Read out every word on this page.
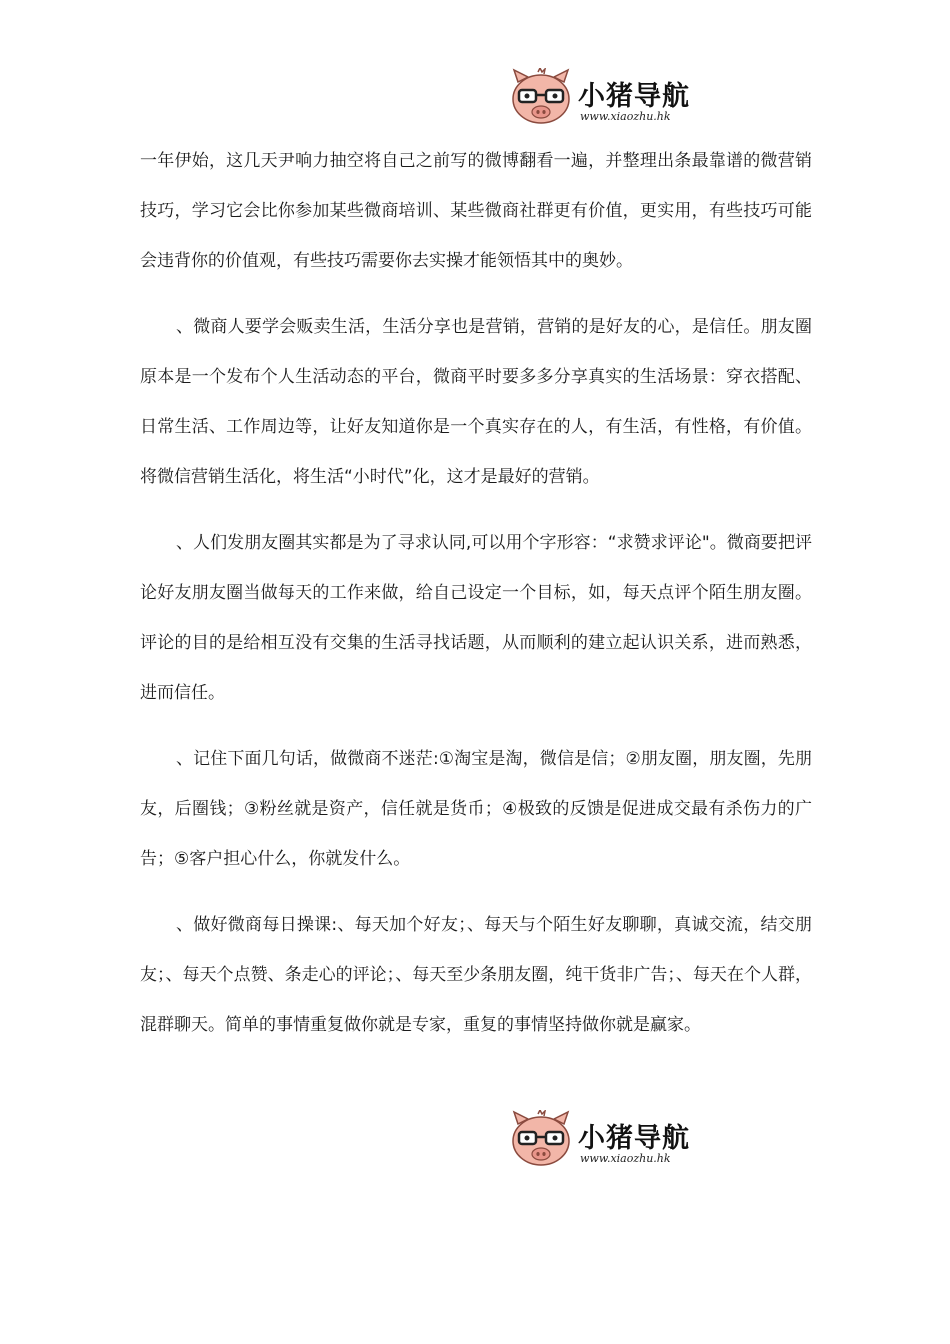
小猪导航
www.xiaozhu.hk

一年伊始，这几天尹响力抽空将自己之前写的微博翻看一遍，并整理出条最靠谱的微营销技巧，学习它会比你参加某些微商培训、某些微商社群更有价值，更实用，有些技巧可能会违背你的价值观，有些技巧需要你去实操才能领悟其中的奥妙。

、微商人要学会贩卖生活，生活分享也是营销，营销的是好友的心，是信任。朋友圈原本是一个发布个人生活动态的平台，微商平时要多多分享真实的生活场景：穿衣搭配、日常生活、工作周边等，让好友知道你是一个真实存在的人，有生活，有性格，有价值。将微信营销生活化，将生活“小时代”化，这才是最好的营销。

、人们发朋友圈其实都是为了寻求认同,可以用个字形容：“求赞求评论"。微商要把评论好友朋友圈当做每天的工作来做，给自己设定一个目标，如，每天点评个陌生朋友圈。评论的目的是给相互没有交集的生活寻找话题，从而顺利的建立起认识关系，进而熟悉，进而信任。

、记住下面几句话，做微商不迷茫:①淘宝是淘，微信是信；②朋友圈，朋友圈，先朋友，后圈钱；③粉丝就是资产，信任就是货币；④极致的反馈是促进成交最有杀伤力的广告；⑤客户担心什么，你就发什么。

、做好微商每日操课:、每天加个好友；、每天与个陌生好友聊聊，真诚交流，结交朋友；、每天个点赞、条走心的评论；、每天至少条朋友圈，纯干货非广告；、每天在个人群，混群聊天。简单的事情重复做你就是专家，重复的事情坚持做你就是赢家。

小猪导航
www.xiaozhu.hk
